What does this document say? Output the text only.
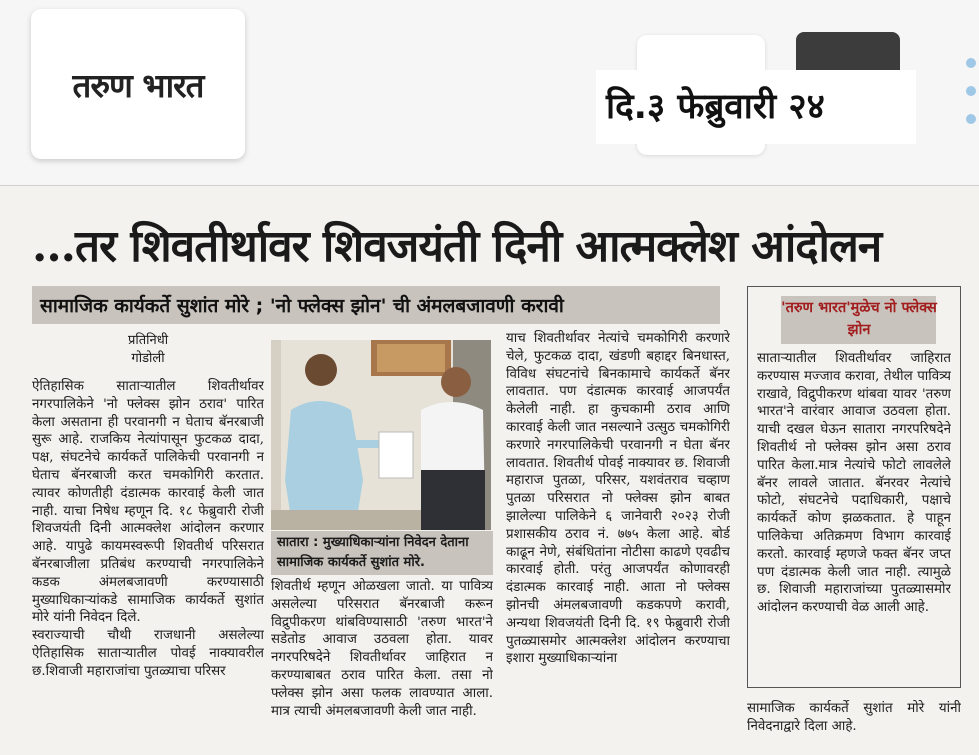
तरुण भारत
दि.३ फेब्रुवारी २४
...तर शिवतीर्थावर शिवजयंती दिनी आत्मक्लेश आंदोलन
सामाजिक कार्यकर्ते सुशांत मोरे ; 'नो फ्लेक्स झोन' ची अंमलबजावणी करावी
प्रतिनिधी
गोडोली
ऐतिहासिक साताऱ्यातील शिवतीर्थावर नगरपालिकेने 'नो फ्लेक्स झोन ठराव' पारित केला असताना ही परवानगी न घेताच बॅनरबाजी सुरू आहे. राजकिय नेत्यांपासून फुटकळ दादा, पक्ष, संघटनेचे कार्यकर्ते पालिकेची परवानगी न घेताच बॅनरबाजी करत चमकोगिरी करतात. त्यावर कोणतीही दंडात्मक कारवाई केली जात नाही. याचा निषेध म्हणून दि. १८ फेब्रुवारी रोजी शिवजयंती दिनी आत्मक्लेश आंदोलन करणार आहे. यापुढे कायमस्वरूपी शिवतीर्थ परिसरात बॅनरबाजीला प्रतिबंध करण्याची नगरपालिकेने कडक अंमलबजावणी करण्यासाठी मुख्याधिकाऱ्यांकडे सामाजिक कार्यकर्ते सुशांत मोरे यांनी निवेदन दिले.
स्वराज्याची चौथी राजधानी असलेल्या ऐतिहासिक साताऱ्यातील पोवई नाक्यावरील छ.शिवाजी महाराजांचा पुतळ्याचा परिसर
सातारा : मुख्याधिकाऱ्यांना निवेदन देताना सामाजिक कार्यकर्ते सुशांत मोरे.
शिवतीर्थ म्हणून ओळखला जातो. या पावित्र्य असलेल्या परिसरात बॅनरबाजी करून विद्रुपीकरण थांबविण्यासाठी 'तरुण भारत'ने सडेतोड आवाज उठवला होता. यावर नगरपरिषदेने शिवतीर्थावर जाहिरात न करण्याबाबत ठराव पारित केला. तसा नो फ्लेक्स झोन असा फलक लावण्यात आला. मात्र त्याची अंमलबजावणी केली जात नाही.
याच शिवतीर्थावर नेत्यांचे चमकोगिरी करणारे चेले, फुटकळ दादा, खंडणी बहाद्दर बिनधास्त, विविध संघटनांचे बिनकामाचे कार्यकर्ते बॅनर लावतात. पण दंडात्मक कारवाई आजपर्यंत केलेली नाही. हा कुचकामी ठराव आणि कारवाई केली जात नसल्याने उत्सुठ चमकोगिरी करणारे नगरपालिकेची परवानगी न घेता बॅनर लावतात. शिवतीर्थ पोवई नाक्यावर छ. शिवाजी महाराज पुतळा, परिसर, यशवंतराव चव्हाण पुतळा परिसरात नो फ्लेक्स झोन बाबत झालेल्या पालिकेने ६ जानेवारी २०२३ रोजी प्रशासकीय ठराव नं. ७७५ केला आहे. बोर्ड काढून नेणे, संबंधितांना नोटीसा काढणे एवढीच कारवाई होती. परंतु आजपर्यंत कोणावरही दंडात्मक कारवाई नाही. आता नो फ्लेक्स झोनची अंमलबजावणी कडकपणे करावी, अन्यथा शिवजयंती दिनी दि. १९ फेब्रुवारी रोजी पुतळ्यासमोर आत्मक्लेश आंदोलन करण्याचा इशारा मुख्याधिकाऱ्यांना
'तरुण भारत'मुळेच नो फ्लेक्स झोन
साताऱ्यातील शिवतीर्थावर जाहिरात करण्यास मज्जाव करावा, तेथील पावित्र्य राखावे, विद्रुपीकरण थांबवा यावर 'तरुण भारत'ने वारंवार आवाज उठवला होता. याची दखल घेऊन सातारा नगरपरिषदेने शिवतीर्थ नो फ्लेक्स झोन असा ठराव पारित केला.मात्र नेत्यांचे फोटो लावलेले बॅनर लावले जातात. बॅनरवर नेत्यांचे फोटो, संघटनेचे पदाधिकारी, पक्षाचे कार्यकर्ते कोण झळकतात. हे पाहून पालिकेचा अतिक्रमण विभाग कारवाई करतो. कारवाई म्हणजे फक्त बॅनर जप्त पण दंडात्मक केली जात नाही. त्यामुळे छ. शिवाजी महाराजांच्या पुतळ्यासमोर आंदोलन करण्याची वेळ आली आहे.
सामाजिक कार्यकर्ते सुशांत मोरे यांनी निवेदनाद्वारे दिला आहे.
